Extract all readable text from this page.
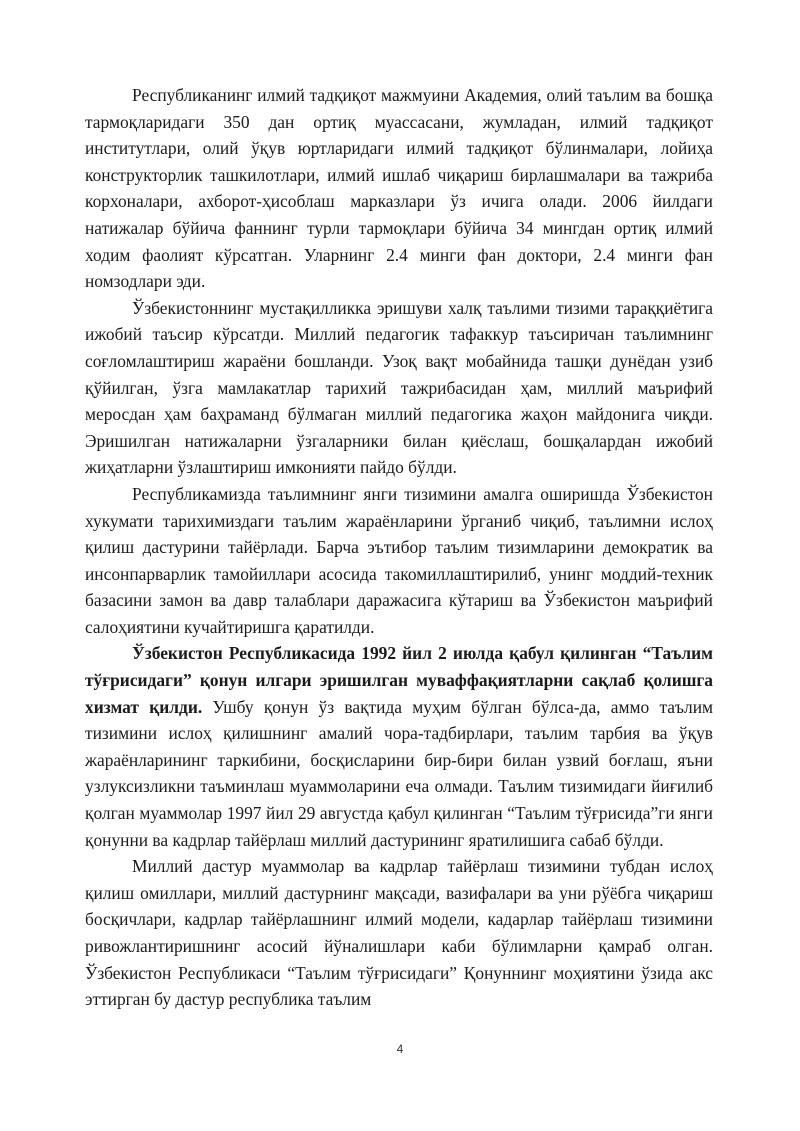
Республиканинг илмий тадқиқот мажмуини Академия, олий таълим ва бошқа тармоқларидаги 350 дан ортиқ муассасани, жумладан, илмий тадқиқот институтлари, олий ўқув юртларидаги илмий тадқиқот бўлинмалари, лойиҳа конструкторлик ташкилотлари, илмий ишлаб чиқариш бирлашмалари ва тажриба корхоналари, ахборот-ҳисоблаш марказлари ўз ичига олади. 2006 йилдаги натижалар бўйича фаннинг турли тармоқлари бўйича 34 мингдан ортиқ илмий ходим фаолият кўрсатган. Уларнинг 2.4 минги фан доктори, 2.4 минги фан номзодлари эди.

Ўзбекистоннинг мустақилликка эришуви халқ таълими тизими тараққиётига ижобий таъсир кўрсатди. Миллий педагогик тафаккур таъсиричан таълимнинг соғломлаштириш жараёни бошланди. Узоқ вақт мобайнида ташқи дунёдан узиб қўйилган, ўзга мамлакатлар тарихий тажрибасидан ҳам, миллий маърифий меросдан ҳам баҳраманд бўлмаган миллий педагогика жаҳон майдонига чиқди. Эришилган натижаларни ўзгаларники билан қиёслаш, бошқалардан ижобий жиҳатларни ўзлаштириш имконияти пайдо бўлди.

Республикамизда таълимнинг янги тизимини амалга оширишда Ўзбекистон хукумати тарихимиздаги таълим жараёнларини ўрганиб чиқиб, таълимни ислоҳ қилиш дастурини тайёрлади. Барча эътибор таълим тизимларини демократик ва инсонпарварлик тамойиллари асосида такомиллаштирилиб, унинг моддий-техник базасини замон ва давр талаблари даражасига кўтариш ва Ўзбекистон маърифий салоҳиятини кучайтиришга қаратилди.

Ўзбекистон Республикасида 1992 йил 2 июлда қабул қилинган “Таълим тўғрисидаги” қонун илгари эришилган муваффақиятларни сақлаб қолишга хизмат қилди. Ушбу қонун ўз вақтида муҳим бўлган бўлса-да, аммо таълим тизимини ислоҳ қилишнинг амалий чора-тадбирлари, таълим тарбия ва ўқув жараёнларининг таркибини, босқисларини бир-бири билан узвий боғлаш, яъни узлуксизликни таъминлаш муаммоларини еча олмади. Таълим тизимидаги йиғилиб қолган муаммолар 1997 йил 29 августда қабул қилинган “Таълим тўғрисида”ги янги қонунни ва кадрлар тайёрлаш миллий дастурининг яратилишига сабаб бўлди.

Миллий дастур муаммолар ва кадрлар тайёрлаш тизимини тубдан ислоҳ қилиш омиллари, миллий дастурнинг мақсади, вазифалари ва уни рўёбга чиқариш босқичлари, кадрлар тайёрлашнинг илмий модели, кадарлар тайёрлаш тизимини ривожлантиришнинг асосий йўналишлари каби бўлимларни қамраб олган. Ўзбекистон Республикаси “Таълим тўғрисидаги” Қонуннинг моҳиятини ўзида акс эттирган бу дастур республика таълим

4
